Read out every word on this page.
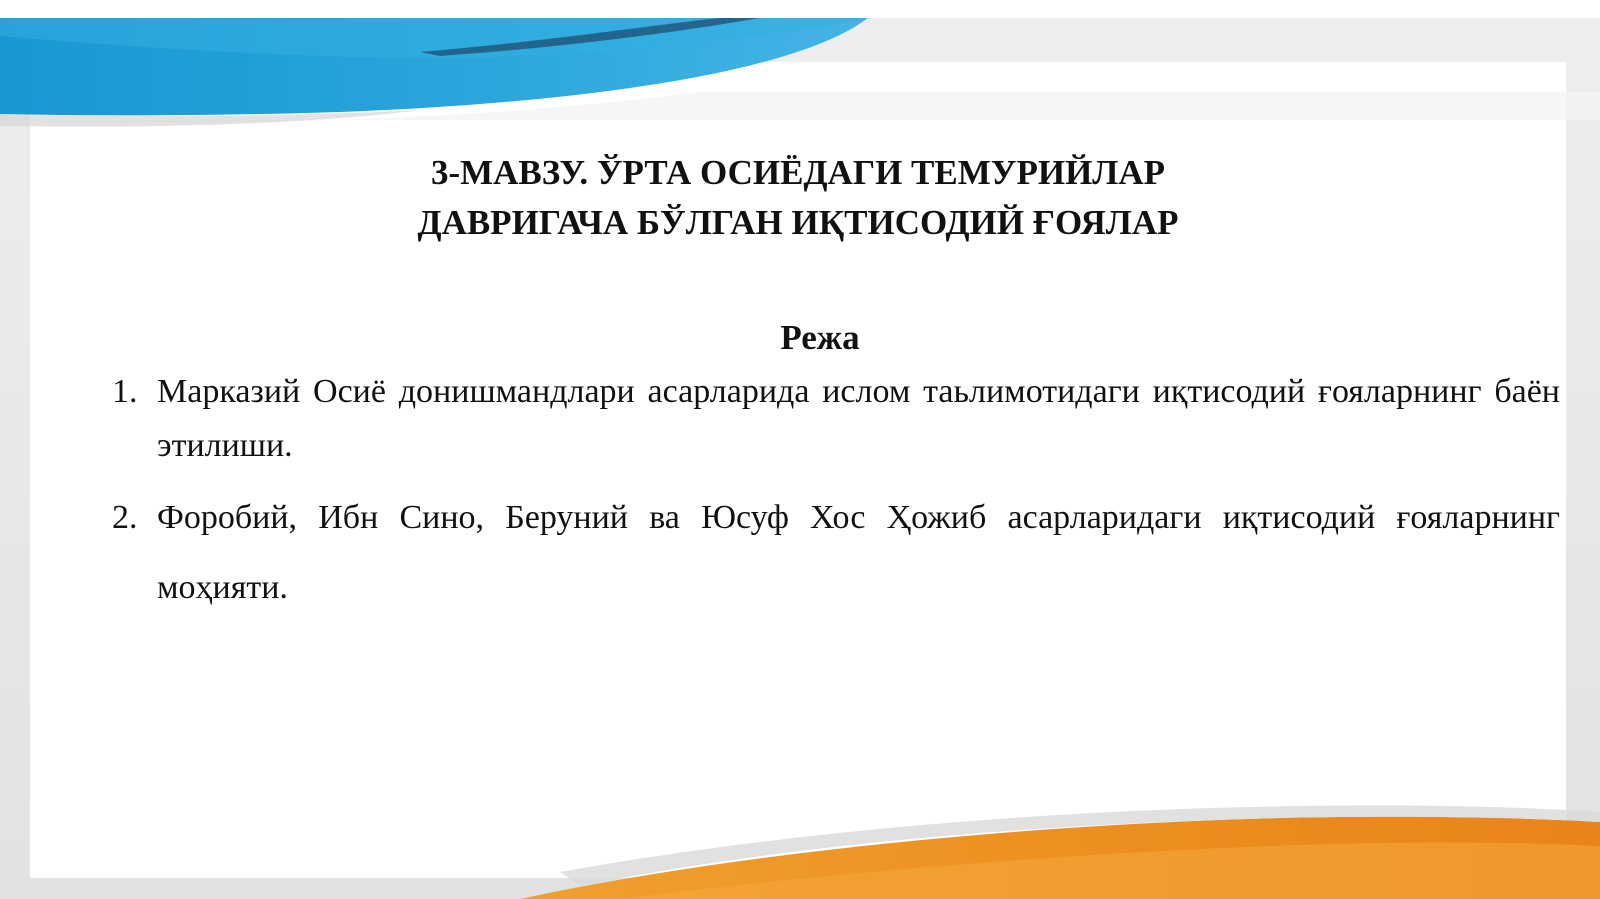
3-МАВЗУ. ЎРТА ОСИЁДАГИ ТЕМУРИЙЛАР
ДАВРИГАЧА БЎЛГАН ИҚТИСОДИЙ ҒОЯЛАР
Режа
1. Марказий Осиё донишмандлари асарларида ислом таьлимотидаги иқтисодий ғояларнинг баён этилиши.
2. Форобий, Ибн Сино, Беруний ва Юсуф Хос Ҳожиб асарларидаги иқтисодий ғояларнинг моҳияти.
